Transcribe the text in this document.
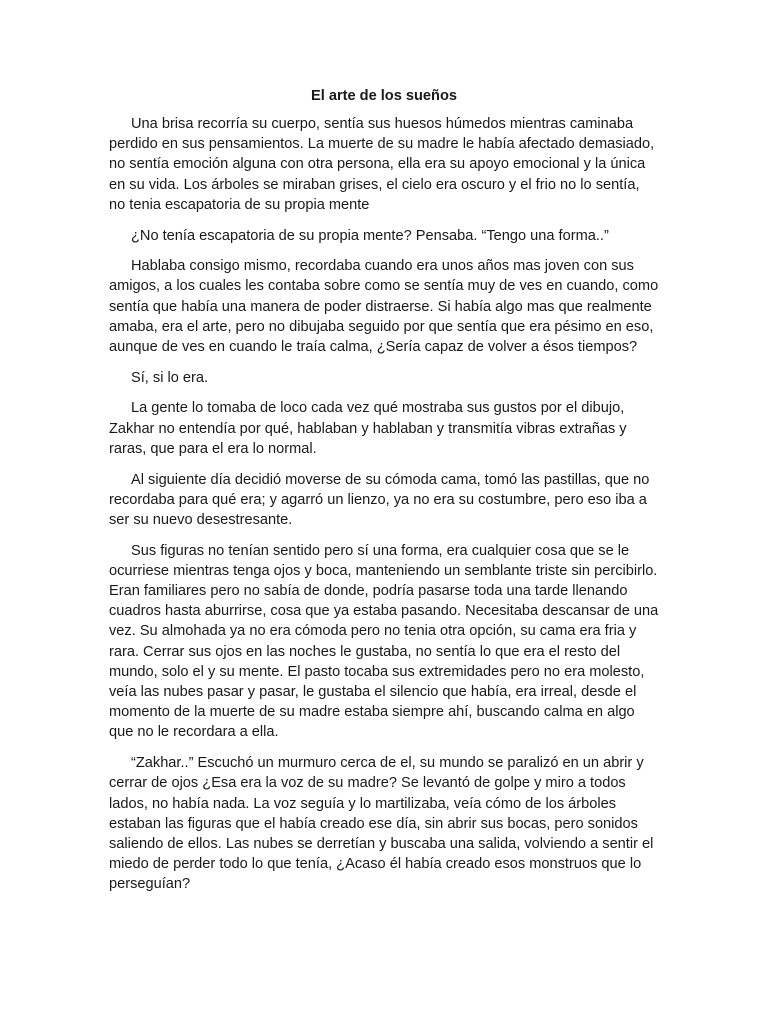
El arte de los sueños

Una brisa recorría su cuerpo, sentía sus huesos húmedos mientras caminaba perdido en sus pensamientos. La muerte de su madre le había afectado demasiado, no sentía emoción alguna con otra persona, ella era su apoyo emocional y la única en su vida. Los árboles se miraban grises, el cielo era oscuro y el frio no lo sentía, no tenia escapatoria de su propia mente

¿No tenía escapatoria de su propia mente? Pensaba. “Tengo una forma..”

Hablaba consigo mismo, recordaba cuando era unos años mas joven con sus amigos, a los cuales les contaba sobre como se sentía muy de ves en cuando, como sentía que había una manera de poder distraerse. Si había algo mas que realmente amaba, era el arte, pero no dibujaba seguido por que sentía que era pésimo en eso, aunque de ves en cuando le traía calma, ¿Sería capaz de volver a ésos tiempos?

Sí, si lo era.

La gente lo tomaba de loco cada vez qué mostraba sus gustos por el dibujo, Zakhar no entendía por qué, hablaban y hablaban y transmitía vibras extrañas y raras, que para el era lo normal.

Al siguiente día decidió moverse de su cómoda cama, tomó las pastillas, que no recordaba para qué era; y agarró un lienzo, ya no era su costumbre, pero eso iba a ser su nuevo desestresante.

Sus figuras no tenían sentido pero sí una forma, era cualquier cosa que se le ocurriese mientras tenga ojos y boca, manteniendo un semblante triste sin percibirlo. Eran familiares pero no sabía de donde, podría pasarse toda una tarde llenando cuadros hasta aburrirse, cosa que ya estaba pasando. Necesitaba descansar de una vez. Su almohada ya no era cómoda pero no tenia otra opción, su cama era fria y rara. Cerrar sus ojos en las noches le gustaba, no sentía lo que era el resto del mundo, solo el y su mente. El pasto tocaba sus extremidades pero no era molesto, veía las nubes pasar y pasar, le gustaba el silencio que había, era irreal, desde el momento de la muerte de su madre estaba siempre ahí, buscando calma en algo que no le recordara a ella.

“Zakhar..” Escuchó un murmuro cerca de el, su mundo se paralizó en un abrir y cerrar de ojos ¿Esa era la voz de su madre? Se levantó de golpe y miro a todos lados, no había nada. La voz seguía y lo martilizaba, veía cómo de los árboles estaban las figuras que el había creado ese día, sin abrir sus bocas, pero sonidos saliendo de ellos. Las nubes se derretían y buscaba una salida, volviendo a sentir el miedo de perder todo lo que tenía, ¿Acaso él había creado esos monstruos que lo perseguían?
